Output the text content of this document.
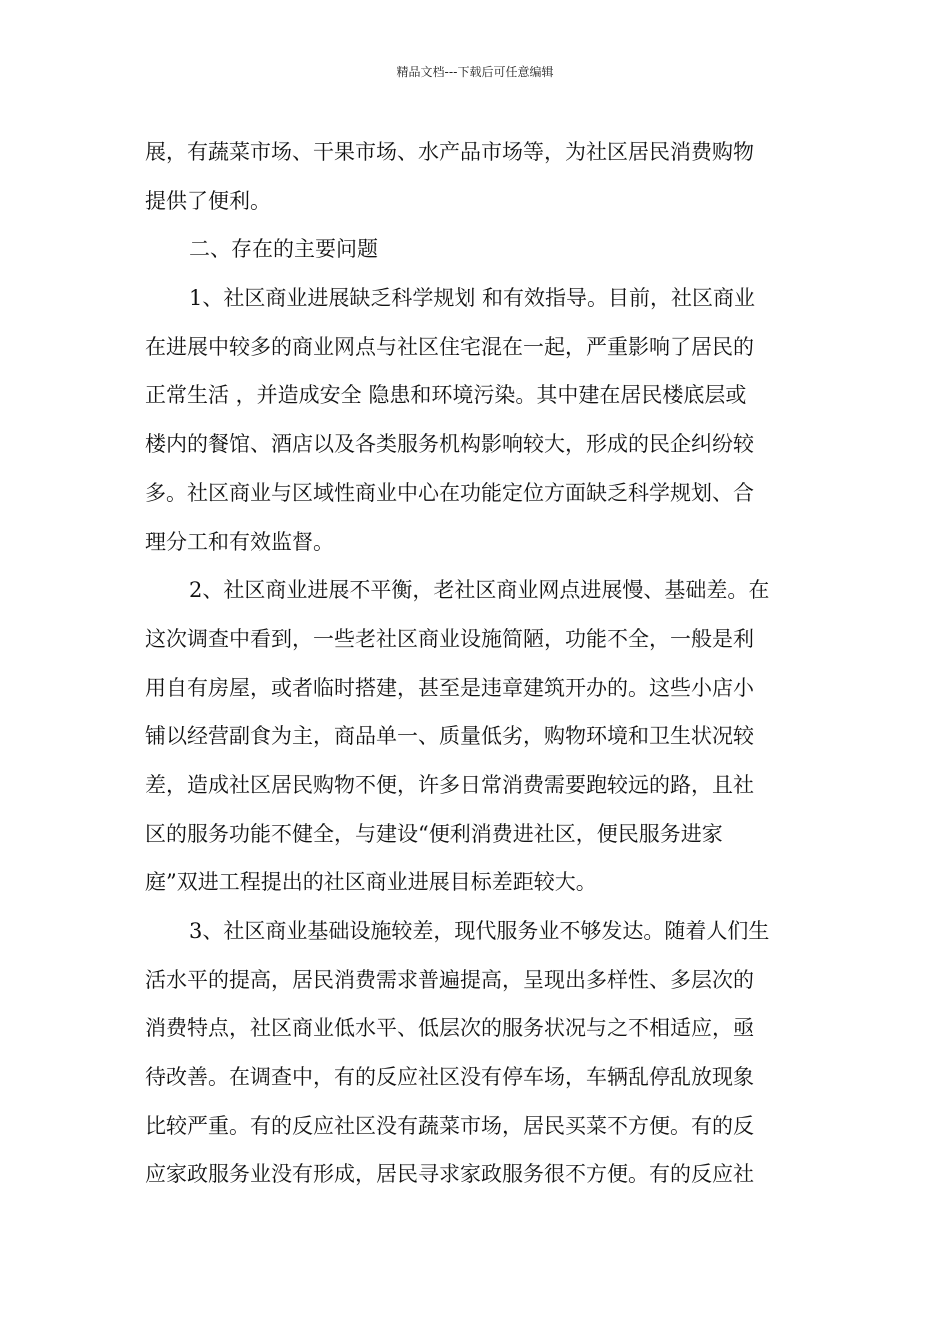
精品文档---下载后可任意编辑
展，有蔬菜市场、干果市场、水产品市场等，为社区居民消费购物
提供了便利。
二、存在的主要问题
1、社区商业进展缺乏科学规划 和有效指导。目前，社区商业
在进展中较多的商业网点与社区住宅混在一起，严重影响了居民的
正常生活 ，并造成安全 隐患和环境污染。其中建在居民楼底层或
楼内的餐馆、酒店以及各类服务机构影响较大，形成的民企纠纷较
多。社区商业与区域性商业中心在功能定位方面缺乏科学规划、合
理分工和有效监督。
2、社区商业进展不平衡，老社区商业网点进展慢、基础差。在
这次调查中看到，一些老社区商业设施简陋，功能不全，一般是利
用自有房屋，或者临时搭建，甚至是违章建筑开办的。这些小店小
铺以经营副食为主，商品单一、质量低劣，购物环境和卫生状况较
差，造成社区居民购物不便，许多日常消费需要跑较远的路，且社
区的服务功能不健全，与建设“便利消费进社区，便民服务进家
庭”双进工程提出的社区商业进展目标差距较大。
3、社区商业基础设施较差，现代服务业不够发达。随着人们生
活水平的提高，居民消费需求普遍提高，呈现出多样性、多层次的
消费特点，社区商业低水平、低层次的服务状况与之不相适应，亟
待改善。在调查中，有的反应社区没有停车场，车辆乱停乱放现象
比较严重。有的反应社区没有蔬菜市场，居民买菜不方便。有的反
应家政服务业没有形成，居民寻求家政服务很不方便。有的反应社
